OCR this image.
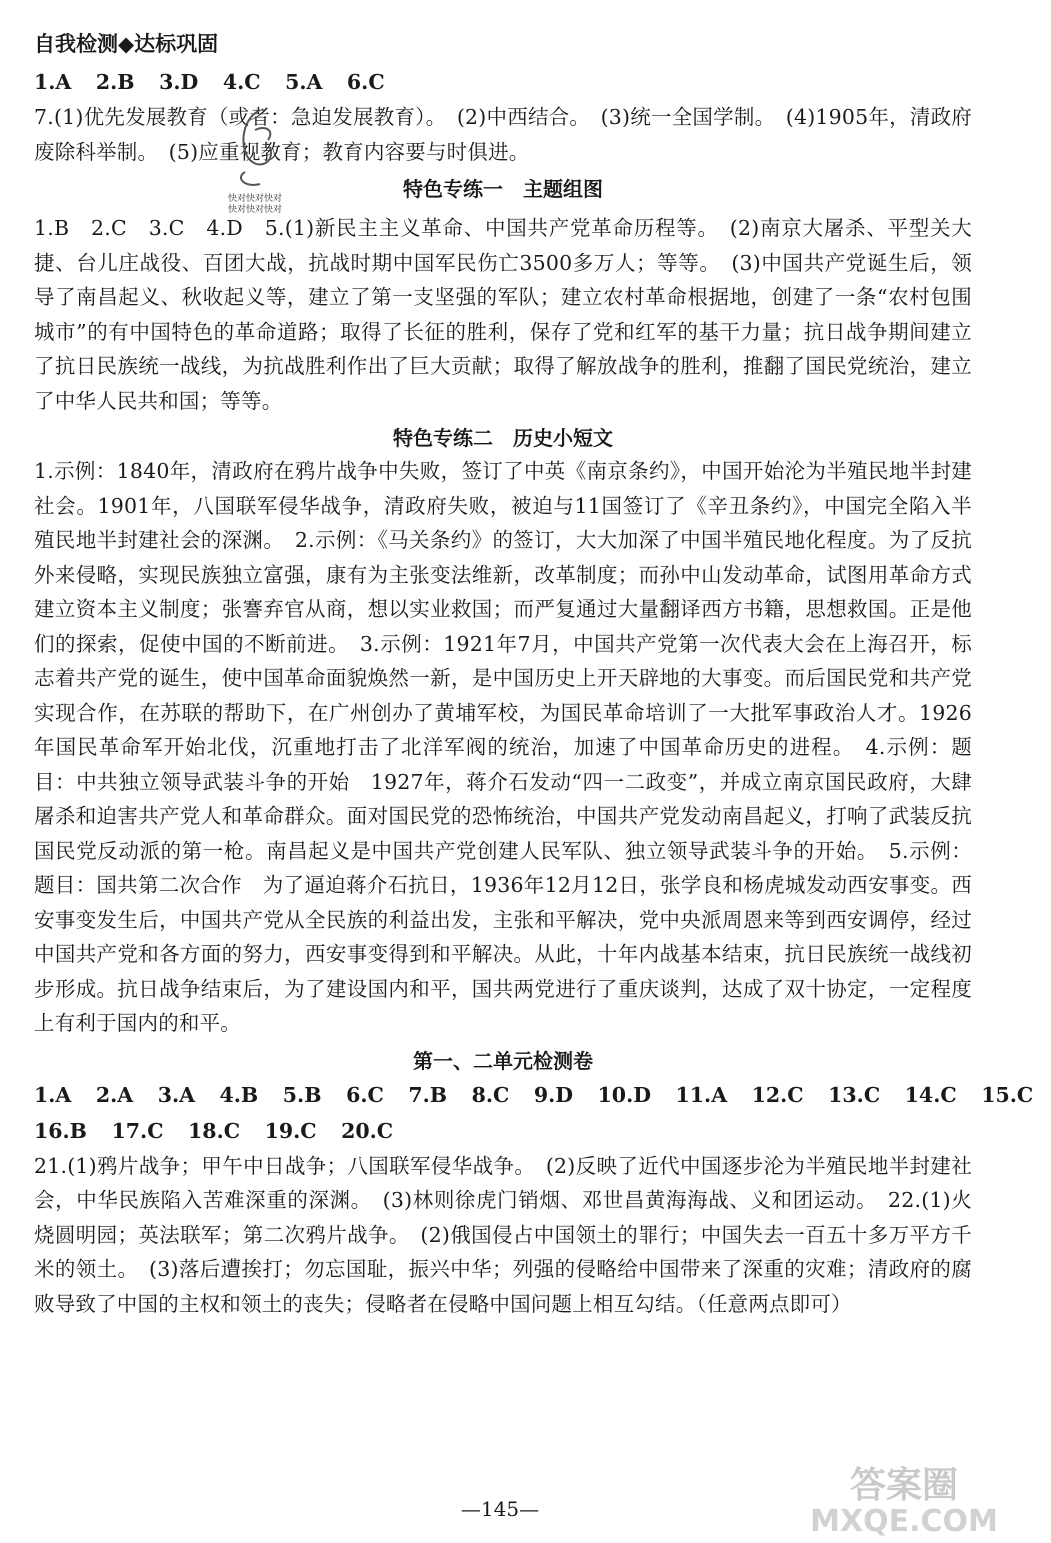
自我检测◆达标巩固
1.A 2.B 3.D 4.C 5.A 6.C

7.(1)优先发展教育（或者：急迫发展教育）。　(2)中西结合。　(3)统一全国学制。　(4)1905年，清政府废除科举制。　(5)应重视教育；教育内容要与时俱进。

特色专练一　主题组图

1.B　2.C　3.C　4.D　5.(1)新民主主义革命、中国共产党革命历程等。　(2)南京大屠杀、平型关大捷、台儿庄战役、百团大战，抗战时期中国军民伤亡3500多万人；等等。　(3)中国共产党诞生后，领导了南昌起义、秋收起义等，建立了第一支坚强的军队；建立农村革命根据地，创建了一条“农村包围城市”的有中国特色的革命道路；取得了长征的胜利，保存了党和红军的基干力量；抗日战争期间建立了抗日民族统一战线，为抗战胜利作出了巨大贡献；取得了解放战争的胜利，推翻了国民党统治，建立了中华人民共和国；等等。

特色专练二　历史小短文

1.示例：1840年，清政府在鸦片战争中失败，签订了中英《南京条约》，中国开始沦为半殖民地半封建社会。1901年，八国联军侵华战争，清政府失败，被迫与11国签订了《辛丑条约》，中国完全陷入半殖民地半封建社会的深渊。　2.示例：《马关条约》的签订，大大加深了中国半殖民地化程度。为了反抗外来侵略，实现民族独立富强，康有为主张变法维新，改革制度；而孙中山发动革命，试图用革命方式建立资本主义制度；张謇弃官从商，想以实业救国；而严复通过大量翻译西方书籍，思想救国。正是他们的探索，促使中国的不断前进。　3.示例：1921年7月，中国共产党第一次代表大会在上海召开，标志着共产党的诞生，使中国革命面貌焕然一新，是中国历史上开天辟地的大事变。而后国民党和共产党实现合作，在苏联的帮助下，在广州创办了黄埔军校，为国民革命培训了一大批军事政治人才。1926年国民革命军开始北伐，沉重地打击了北洋军阀的统治，加速了中国革命历史的进程。　4.示例：题目：中共独立领导武装斗争的开始　1927年，蒋介石发动“四一二政变”，并成立南京国民政府，大肆屠杀和迫害共产党人和革命群众。面对国民党的恐怖统治，中国共产党发动南昌起义，打响了武装反抗国民党反动派的第一枪。南昌起义是中国共产党创建人民军队、独立领导武装斗争的开始。　5.示例：题目：国共第二次合作　为了逼迫蒋介石抗日，1936年12月12日，张学良和杨虎城发动西安事变。西安事变发生后，中国共产党从全民族的利益出发，主张和平解决，党中央派周恩来等到西安调停，经过中国共产党和各方面的努力，西安事变得到和平解决。从此，十年内战基本结束，抗日民族统一战线初步形成。抗日战争结束后，为了建设国内和平，国共两党进行了重庆谈判，达成了双十协定，一定程度上有利于国内的和平。

第一、二单元检测卷
1.A 2.A 3.A 4.B 5.B 6.C 7.B 8.C 9.D 10.D 11.A 12.C 13.C 14.C 15.C
16.B 17.C 18.C 19.C 20.C

21.(1)鸦片战争；甲午中日战争；八国联军侵华战争。　(2)反映了近代中国逐步沦为半殖民地半封建社会，中华民族陷入苦难深重的深渊。　(3)林则徐虎门销烟、邓世昌黄海海战、义和团运动。　22.(1)火烧圆明园；英法联军；第二次鸦片战争。　(2)俄国侵占中国领土的罪行；中国失去一百五十多万平方千米的领土。　(3)落后遭挨打；勿忘国耻，振兴中华；列强的侵略给中国带来了深重的灾难；清政府的腐败导致了中国的主权和领土的丧失；侵略者在侵略中国问题上相互勾结。（任意两点即可）

快对快对快对
快对快对快对
—145—
答案圈
MXQE.COM
